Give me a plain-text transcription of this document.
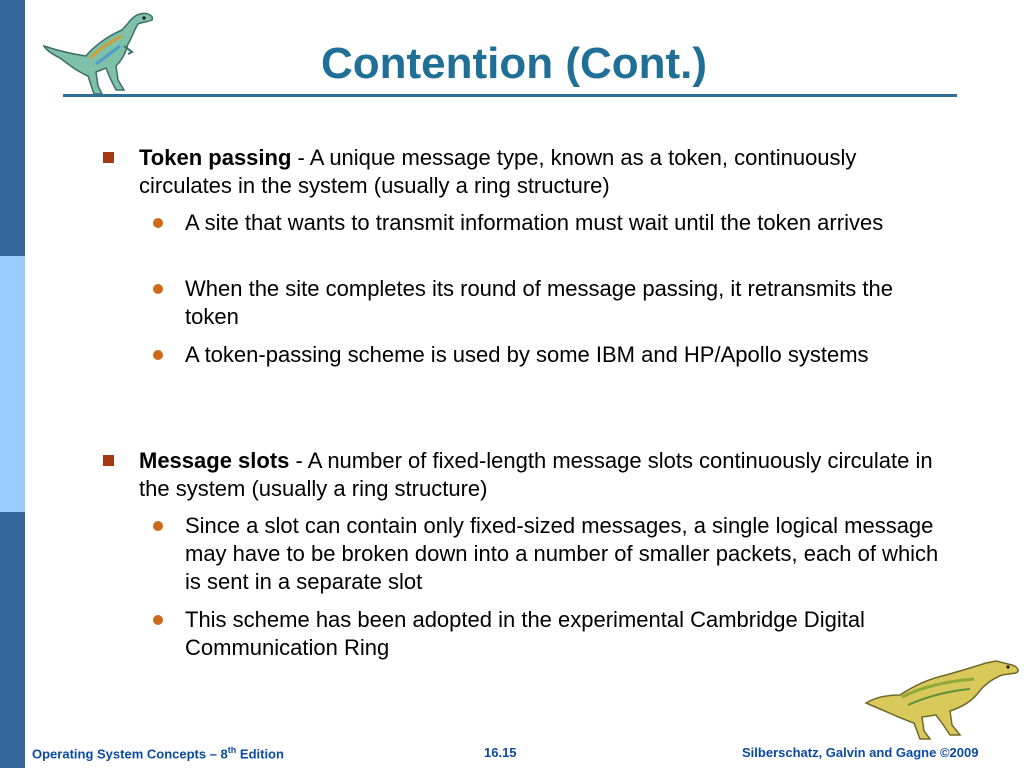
Contention (Cont.)
Token passing - A unique message type, known as a token, continuously circulates in the system (usually a ring structure)
A site that wants to transmit information must wait until the token arrives
When the site completes its round of message passing, it retransmits the token
A token-passing scheme is used by some IBM and HP/Apollo systems
Message slots - A number of fixed-length message slots continuously circulate in the system (usually a ring structure)
Since a slot can contain only fixed-sized messages, a single logical message may have to be broken down into a number of smaller packets, each of which is sent in a separate slot
This scheme has been adopted in the experimental Cambridge Digital Communication Ring
Operating System Concepts – 8th Edition	16.15	Silberschatz, Galvin and Gagne ©2009
